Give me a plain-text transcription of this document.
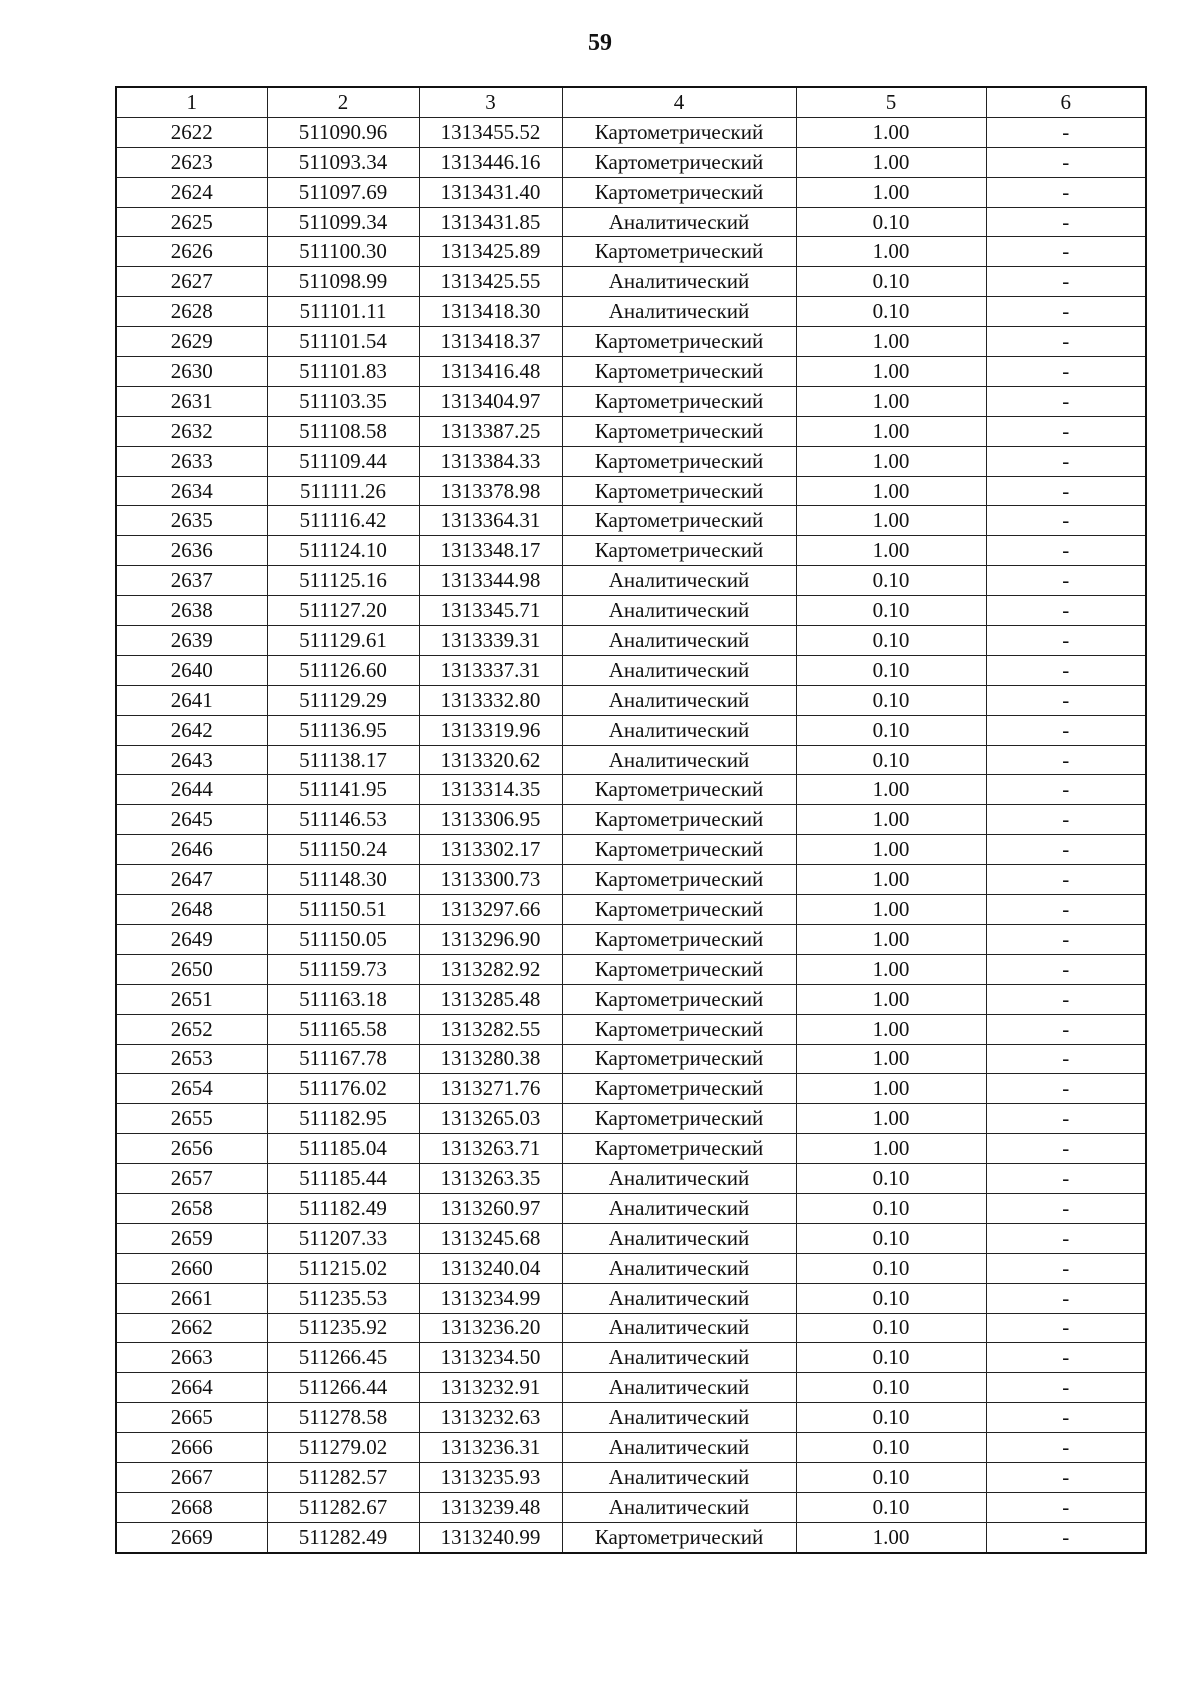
59
1	2	3	4	5	6
2622	511090.96	1313455.52	Картометрический	1.00	-
2623	511093.34	1313446.16	Картометрический	1.00	-
2624	511097.69	1313431.40	Картометрический	1.00	-
2625	511099.34	1313431.85	Аналитический	0.10	-
2626	511100.30	1313425.89	Картометрический	1.00	-
2627	511098.99	1313425.55	Аналитический	0.10	-
2628	511101.11	1313418.30	Аналитический	0.10	-
2629	511101.54	1313418.37	Картометрический	1.00	-
2630	511101.83	1313416.48	Картометрический	1.00	-
2631	511103.35	1313404.97	Картометрический	1.00	-
2632	511108.58	1313387.25	Картометрический	1.00	-
2633	511109.44	1313384.33	Картометрический	1.00	-
2634	511111.26	1313378.98	Картометрический	1.00	-
2635	511116.42	1313364.31	Картометрический	1.00	-
2636	511124.10	1313348.17	Картометрический	1.00	-
2637	511125.16	1313344.98	Аналитический	0.10	-
2638	511127.20	1313345.71	Аналитический	0.10	-
2639	511129.61	1313339.31	Аналитический	0.10	-
2640	511126.60	1313337.31	Аналитический	0.10	-
2641	511129.29	1313332.80	Аналитический	0.10	-
2642	511136.95	1313319.96	Аналитический	0.10	-
2643	511138.17	1313320.62	Аналитический	0.10	-
2644	511141.95	1313314.35	Картометрический	1.00	-
2645	511146.53	1313306.95	Картометрический	1.00	-
2646	511150.24	1313302.17	Картометрический	1.00	-
2647	511148.30	1313300.73	Картометрический	1.00	-
2648	511150.51	1313297.66	Картометрический	1.00	-
2649	511150.05	1313296.90	Картометрический	1.00	-
2650	511159.73	1313282.92	Картометрический	1.00	-
2651	511163.18	1313285.48	Картометрический	1.00	-
2652	511165.58	1313282.55	Картометрический	1.00	-
2653	511167.78	1313280.38	Картометрический	1.00	-
2654	511176.02	1313271.76	Картометрический	1.00	-
2655	511182.95	1313265.03	Картометрический	1.00	-
2656	511185.04	1313263.71	Картометрический	1.00	-
2657	511185.44	1313263.35	Аналитический	0.10	-
2658	511182.49	1313260.97	Аналитический	0.10	-
2659	511207.33	1313245.68	Аналитический	0.10	-
2660	511215.02	1313240.04	Аналитический	0.10	-
2661	511235.53	1313234.99	Аналитический	0.10	-
2662	511235.92	1313236.20	Аналитический	0.10	-
2663	511266.45	1313234.50	Аналитический	0.10	-
2664	511266.44	1313232.91	Аналитический	0.10	-
2665	511278.58	1313232.63	Аналитический	0.10	-
2666	511279.02	1313236.31	Аналитический	0.10	-
2667	511282.57	1313235.93	Аналитический	0.10	-
2668	511282.67	1313239.48	Аналитический	0.10	-
2669	511282.49	1313240.99	Картометрический	1.00	-
